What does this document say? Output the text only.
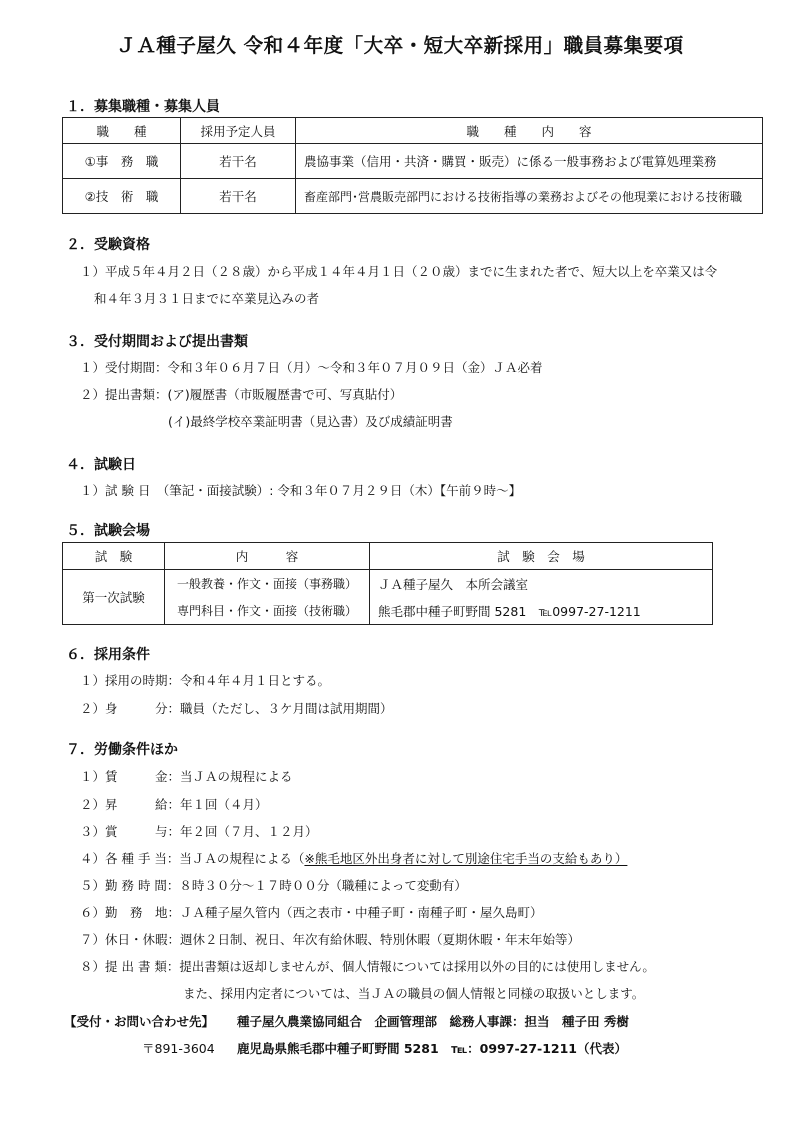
ＪＡ種子屋久 令和４年度「大卒・短大卒新採用」職員募集要項
１．募集職種・募集人員
職　　種	採用予定人員	職　　種　　内　　容
①事　務　職	若干名	農協事業（信用・共済・購買・販売）に係る一般事務および電算処理業務
②技　術　職	若干名	畜産部門･営農販売部門における技術指導の業務およびその他現業における技術職
２．受験資格
１）平成５年４月２日（２８歳）から平成１４年４月１日（２０歳）までに生まれた者で、短大以上を卒業又は令
和４年３月３１日までに卒業見込みの者
３．受付期間および提出書類
１）受付期間：令和３年０６月７日（月）～令和３年０７月０９日（金）ＪＡ必着
２）提出書類：(ア)履歴書（市販履歴書で可、写真貼付）
(イ)最終学校卒業証明書（見込書）及び成績証明書
４．試験日
１）試 験 日　（筆記・面接試験）: 令和３年０７月２９日（木）【午前９時～】
５．試験会場
試　験	内　　　容	試　験　会　場
第一次試験	一般教養・作文・面接（事務職）	ＪＡ種子屋久　本所会議室
	専門科目・作文・面接（技術職）	熊毛郡中種子町野間 5281　℡0997-27-1211
６．採用条件
１）採用の時期：令和４年４月１日とする。
２）身　　　分：職員（ただし、３ケ月間は試用期間）
７．労働条件ほか
１）賃　　　金：当ＪＡの規程による
２）昇　　　給：年１回（４月）
３）賞　　　与：年２回（７月、１２月）
４）各 種 手 当：当ＪＡの規程による（※熊毛地区外出身者に対して別途住宅手当の支給もあり）
５）勤 務 時 間：８時３０分～１７時００分（職種によって変動有）
６）勤　務　地：ＪＡ種子屋久管内（西之表市・中種子町・南種子町・屋久島町）
７）休日・休暇：週休２日制、祝日、年次有給休暇、特別休暇（夏期休暇・年末年始等）
８）提 出 書 類：提出書類は返却しませんが、個人情報については採用以外の目的には使用しません。
また、採用内定者については、当ＪＡの職員の個人情報と同様の取扱いとします。
【受付・お問い合わせ先】 種子屋久農業協同組合　企画管理部　総務人事課：担当　種子田 秀樹
〒891-3604 鹿児島県熊毛郡中種子町野間 5281　℡：0997-27-1211（代表）
